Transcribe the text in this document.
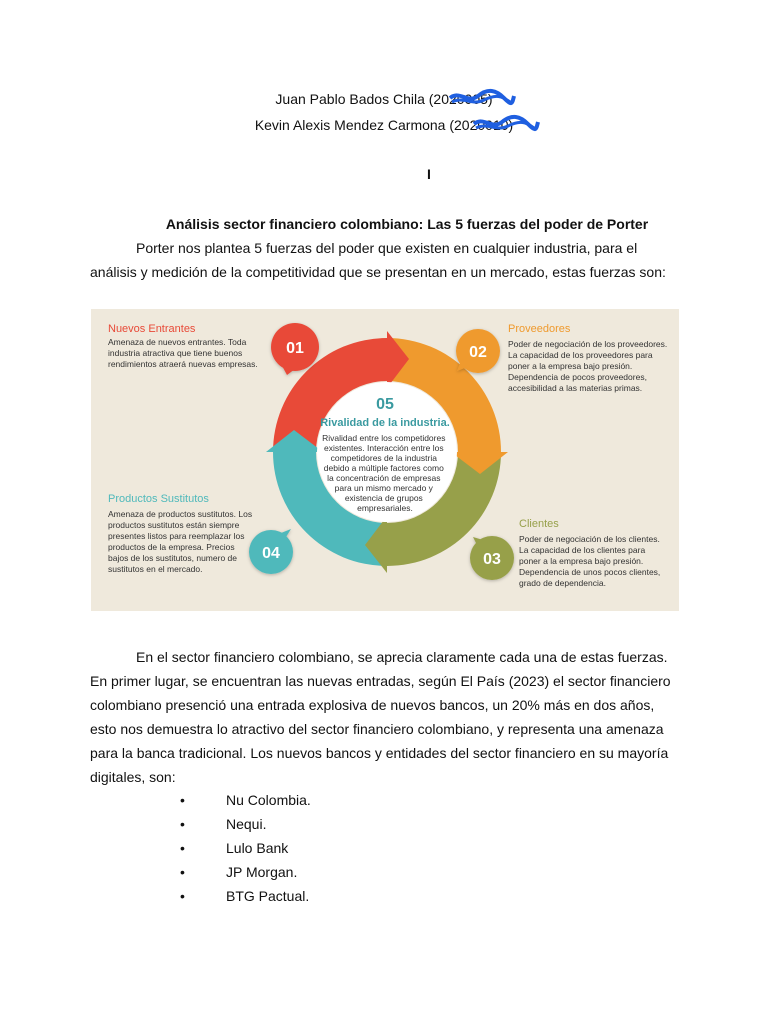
Juan Pablo Bados Chila (2020005)
Kevin Alexis Mendez Carmona (2020010)
I
Análisis sector financiero colombiano: Las 5 fuerzas del poder de Porter
Porter nos plantea 5 fuerzas del poder que existen en cualquier industria, para el análisis y medición de la competitividad que se presentan en un mercado, estas fuerzas son:
05
Rivalidad de la industria.
Rivalidad entre los competidores existentes. Interacción entre los competidores de la industria debido a múltiple factores como la concentración de empresas para un mismo mercado y existencia de grupos empresariales.
01	02
03
04
Nuevos Entrantes
Amenaza de nuevos entrantes. Toda industria atractiva que tiene buenos rendimientos atraerá nuevas empresas.
Proveedores
Poder de negociación de los proveedores. La capacidad de los proveedores para poner a la empresa bajo presión. Dependencia de pocos proveedores, accesibilidad a las materias primas.
Clientes
Poder de negociación de los clientes. La capacidad de los clientes para poner a la empresa bajo presión. Dependencia de unos pocos clientes, grado de dependencia.
Productos Sustitutos
Amenaza de productos sustitutos. Los productos sustitutos están siempre presentes listos para reemplazar los productos de la empresa. Precios bajos de los sustitutos, numero de sustitutos en el mercado.
En el sector financiero colombiano, se aprecia claramente cada una de estas fuerzas. En primer lugar, se encuentran las nuevas entradas, según El País (2023) el sector financiero colombiano presenció una entrada explosiva de nuevos bancos, un 20% más en dos años, esto nos demuestra lo atractivo del sector financiero colombiano, y representa una amenaza para la banca tradicional. Los nuevos bancos y entidades del sector financiero en su mayoría digitales, son:
•	Nu Colombia.
•	Nequi.
•	Lulo Bank
•	JP Morgan.
•	BTG Pactual.
